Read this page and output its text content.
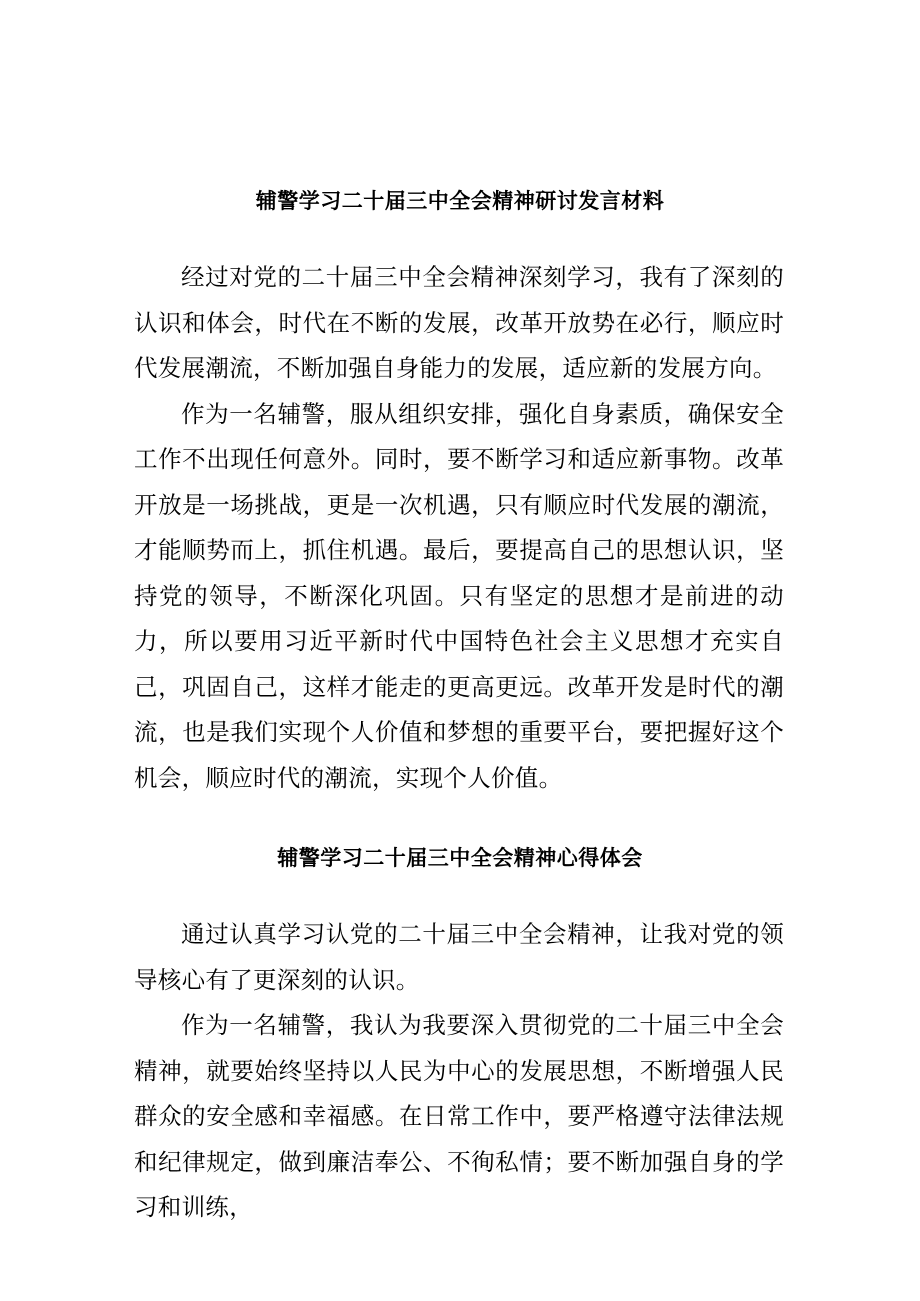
辅警学习二十届三中全会精神研讨发言材料

经过对党的二十届三中全会精神深刻学习，我有了深刻的认识和体会，时代在不断的发展，改革开放势在必行，顺应时代发展潮流，不断加强自身能力的发展，适应新的发展方向。

作为一名辅警，服从组织安排，强化自身素质，确保安全工作不出现任何意外。同时，要不断学习和适应新事物。改革开放是一场挑战，更是一次机遇，只有顺应时代发展的潮流，才能顺势而上，抓住机遇。最后，要提高自己的思想认识，坚持党的领导，不断深化巩固。只有坚定的思想才是前进的动力，所以要用习近平新时代中国特色社会主义思想才充实自己，巩固自己，这样才能走的更高更远。改革开发是时代的潮流，也是我们实现个人价值和梦想的重要平台，要把握好这个机会，顺应时代的潮流，实现个人价值。

辅警学习二十届三中全会精神心得体会

通过认真学习认党的二十届三中全会精神，让我对党的领导核心有了更深刻的认识。

作为一名辅警，我认为我要深入贯彻党的二十届三中全会精神，就要始终坚持以人民为中心的发展思想，不断增强人民群众的安全感和幸福感。在日常工作中，要严格遵守法律法规和纪律规定，做到廉洁奉公、不徇私情；要不断加强自身的学习和训练，
